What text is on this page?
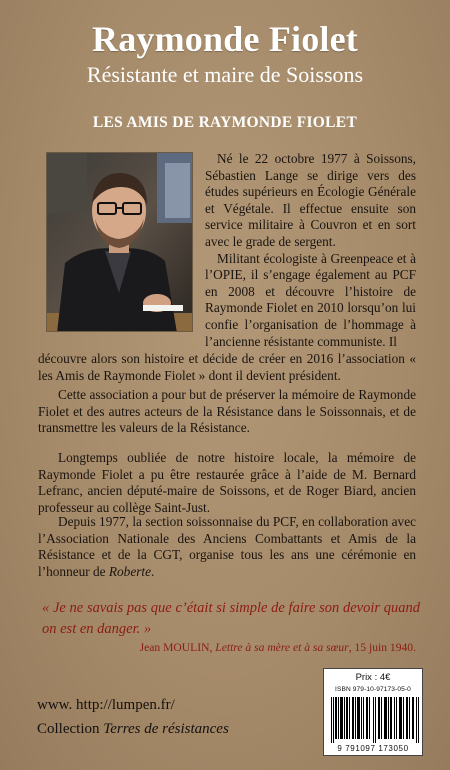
Raymonde Fiolet
Résistante et maire de Soissons
LES AMIS DE RAYMONDE FIOLET

Né le 22 octobre 1977 à Soissons, Sébastien Lange se dirige vers des études supérieurs en Écologie Générale et Végétale. Il effectue ensuite son service militaire à Couvron et en sort avec le grade de sergent.

Militant écologiste à Greenpeace et à l’OPIE, il s’engage également au PCF en 2008 et découvre l’histoire de Raymonde Fiolet en 2010 lorsqu’on lui confie l’organisation de l’hommage à l’ancienne résistante communiste. Il

découvre alors son histoire et décide de créer en 2016 l’association « les Amis de Raymonde Fiolet » dont il devient président.
Cette association a pour but de préserver la mémoire de Raymonde Fiolet et des autres acteurs de la Résistance dans le Soissonnais, et de transmettre les valeurs de la Résistance.
Longtemps oubliée de notre histoire locale, la mémoire de Raymonde Fiolet a pu être restaurée grâce à l’aide de M. Bernard Lefranc, ancien député-maire de Soissons, et de Roger Biard, ancien professeur au collège Saint-Just.
Depuis 1977, la section soissonnaise du PCF, en collaboration avec l’Association Nationale des Anciens Combattants et Amis de la Résistance et de la CGT, organise tous les ans une cérémonie en l’honneur de Roberte.
« Je ne savais pas que c’était si simple de faire son devoir quand on est en danger. »
Jean MOULIN, Lettre à sa mère et à sa sœur, 15 juin 1940.
www. http://lumpen.fr/
Collection Terres de résistances
Prix : 4€
ISBN 979-10-97173-05-0
9 791097 173050
